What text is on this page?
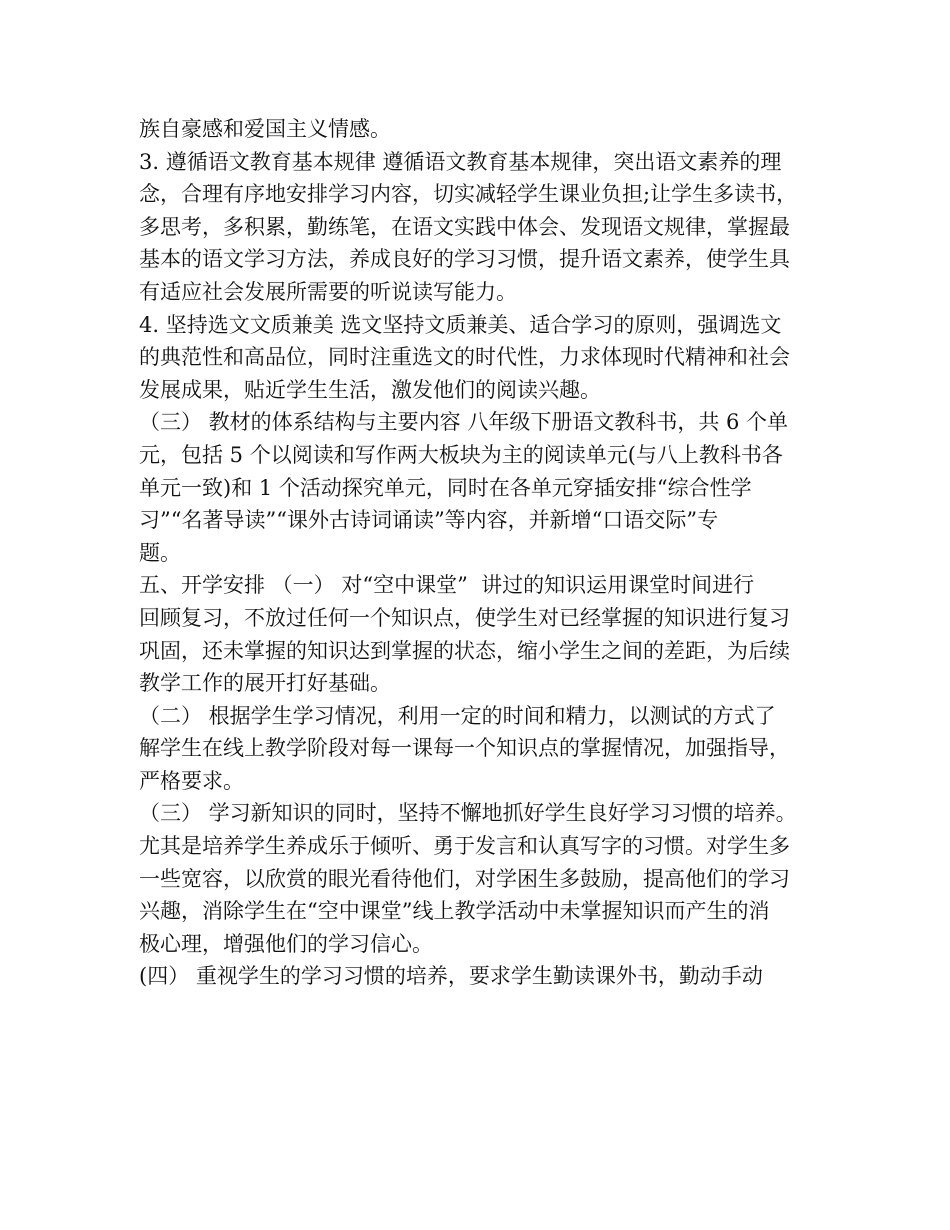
族自豪感和爱国主义情感。
3. 遵循语文教育基本规律 遵循语文教育基本规律，突出语文素养的理
念，合理有序地安排学习内容，切实减轻学生课业负担;让学生多读书，
多思考，多积累，勤练笔，在语文实践中体会、发现语文规律，掌握最
基本的语文学习方法，养成良好的学习习惯，提升语文素养，使学生具
有适应社会发展所需要的听说读写能力。
4. 坚持选文文质兼美 选文坚持文质兼美、适合学习的原则，强调选文
的典范性和高品位，同时注重选文的时代性，力求体现时代精神和社会
发展成果，贴近学生生活，激发他们的阅读兴趣。
（三） 教材的体系结构与主要内容 八年级下册语文教科书，共 6 个单
元，包括 5 个以阅读和写作两大板块为主的阅读单元(与八上教科书各
单元一致)和 1 个活动探究单元，同时在各单元穿插安排“综合性学
习”“名著导读”“课外古诗词诵读”等内容，并新增“口语交际”专
题。
五、开学安排 （一） 对“空中课堂”  讲过的知识运用课堂时间进行
回顾复习，不放过任何一个知识点，使学生对已经掌握的知识进行复习
巩固，还未掌握的知识达到掌握的状态，缩小学生之间的差距，为后续
教学工作的展开打好基础。
（二） 根据学生学习情况，利用一定的时间和精力，以测试的方式了
解学生在线上教学阶段对每一课每一个知识点的掌握情况，加强指导，
严格要求。
（三） 学习新知识的同时，坚持不懈地抓好学生良好学习习惯的培养。
尤其是培养学生养成乐于倾听、勇于发言和认真写字的习惯。对学生多
一些宽容，以欣赏的眼光看待他们，对学困生多鼓励，提高他们的学习
兴趣，消除学生在“空中课堂”线上教学活动中未掌握知识而产生的消
极心理，增强他们的学习信心。
(四） 重视学生的学习习惯的培养，要求学生勤读课外书，勤动手动
